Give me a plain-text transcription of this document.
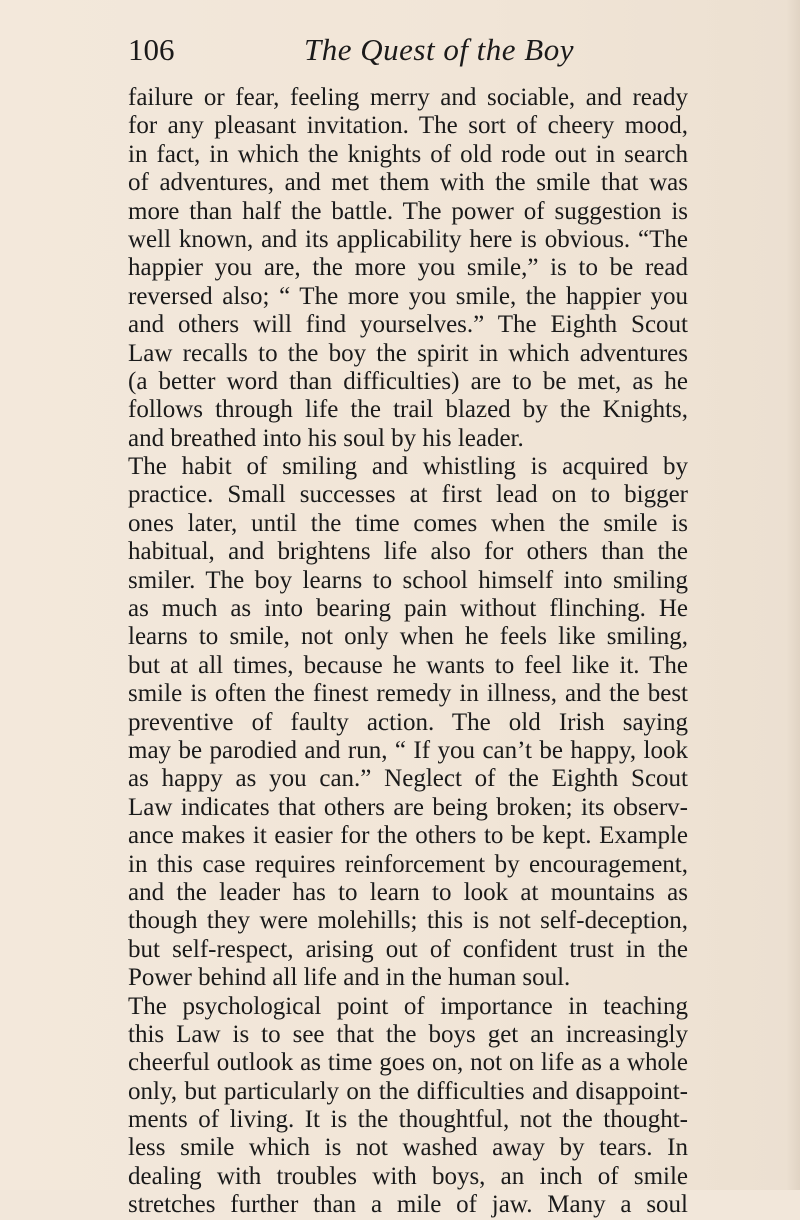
106	The Quest of the Boy
failure or fear, feeling merry and sociable, and ready
for any pleasant invitation. The sort of cheery mood,
in fact, in which the knights of old rode out in search
of adventures, and met them with the smile that was
more than half the battle. The power of suggestion is
well known, and its applicability here is obvious. “The
happier you are, the more you smile,” is to be read
reversed also; “ The more you smile, the happier you
and others will find yourselves.” The Eighth Scout
Law recalls to the boy the spirit in which adventures
(a better word than difficulties) are to be met, as he
follows through life the trail blazed by the Knights,
and breathed into his soul by his leader.
The habit of smiling and whistling is acquired by
practice. Small successes at first lead on to bigger
ones later, until the time comes when the smile is
habitual, and brightens life also for others than the
smiler. The boy learns to school himself into smiling
as much as into bearing pain without flinching. He
learns to smile, not only when he feels like smiling,
but at all times, because he wants to feel like it. The
smile is often the finest remedy in illness, and the best
preventive of faulty action. The old Irish saying
may be parodied and run, “ If you can’t be happy, look
as happy as you can.” Neglect of the Eighth Scout
Law indicates that others are being broken; its observ-
ance makes it easier for the others to be kept. Example
in this case requires reinforcement by encouragement,
and the leader has to learn to look at mountains as
though they were molehills; this is not self-deception,
but self-respect, arising out of confident trust in the
Power behind all life and in the human soul.
The psychological point of importance in teaching
this Law is to see that the boys get an increasingly
cheerful outlook as time goes on, not on life as a whole
only, but particularly on the difficulties and disappoint-
ments of living. It is the thoughtful, not the thought-
less smile which is not washed away by tears. In
dealing with troubles with boys, an inch of smile
stretches further than a mile of jaw. Many a soul
